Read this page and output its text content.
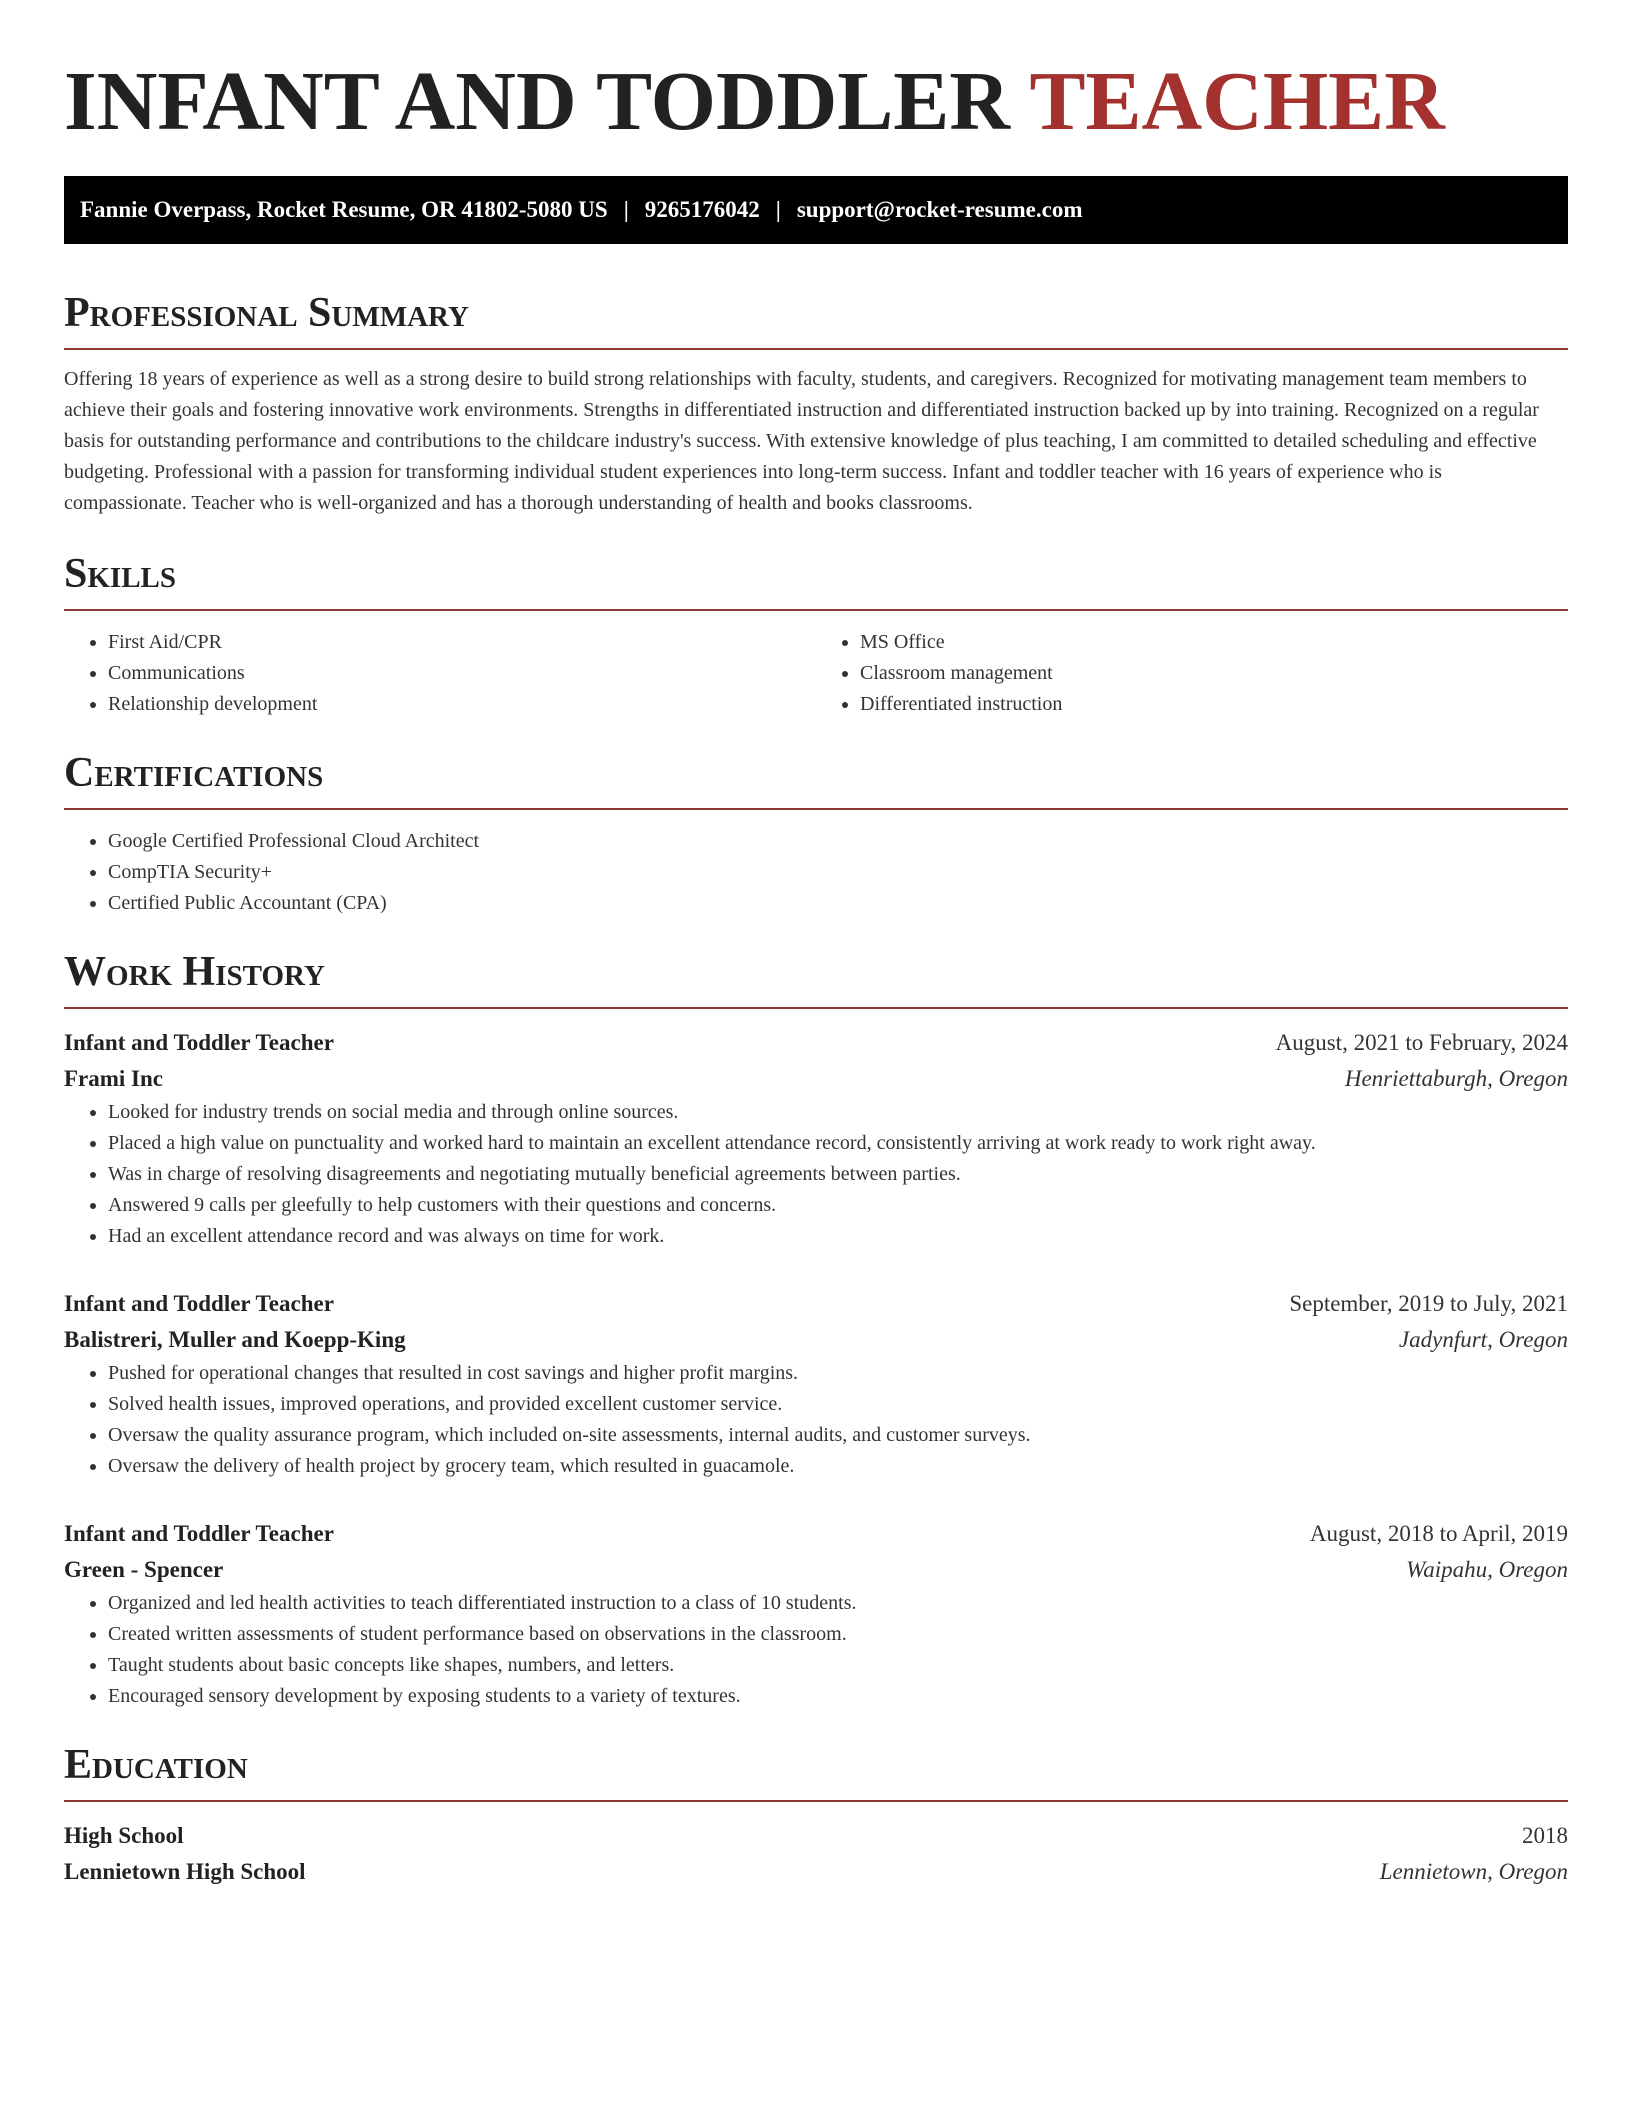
INFANT AND TODDLER TEACHER
Fannie Overpass, Rocket Resume, OR 41802-5080 US | 9265176042 | support@rocket-resume.com
Professional Summary

Offering 18 years of experience as well as a strong desire to build strong relationships with faculty, students, and caregivers. Recognized for motivating management team members to achieve their goals and fostering innovative work environments. Strengths in differentiated instruction and differentiated instruction backed up by into training. Recognized on a regular basis for outstanding performance and contributions to the childcare industry's success. With extensive knowledge of plus teaching, I am committed to detailed scheduling and effective budgeting. Professional with a passion for transforming individual student experiences into long-term success. Infant and toddler teacher with 16 years of experience who is compassionate. Teacher who is well-organized and has a thorough understanding of health and books classrooms.

Skills
• First Aid/CPR
• Communications
• Relationship development
• MS Office
• Classroom management
• Differentiated instruction
Certifications
• Google Certified Professional Cloud Architect
• CompTIA Security+
• Certified Public Accountant (CPA)
Work History
Infant and Toddler Teacher	August, 2021 to February, 2024
Frami Inc	Henriettaburgh, Oregon
• Looked for industry trends on social media and through online sources.
• Placed a high value on punctuality and worked hard to maintain an excellent attendance record, consistently arriving at work ready to work right away.
• Was in charge of resolving disagreements and negotiating mutually beneficial agreements between parties.
• Answered 9 calls per gleefully to help customers with their questions and concerns.
• Had an excellent attendance record and was always on time for work.
Infant and Toddler Teacher	September, 2019 to July, 2021
Balistreri, Muller and Koepp-King	Jadynfurt, Oregon
• Pushed for operational changes that resulted in cost savings and higher profit margins.
• Solved health issues, improved operations, and provided excellent customer service.
• Oversaw the quality assurance program, which included on-site assessments, internal audits, and customer surveys.
• Oversaw the delivery of health project by grocery team, which resulted in guacamole.
Infant and Toddler Teacher	August, 2018 to April, 2019
Green - Spencer	Waipahu, Oregon
• Organized and led health activities to teach differentiated instruction to a class of 10 students.
• Created written assessments of student performance based on observations in the classroom.
• Taught students about basic concepts like shapes, numbers, and letters.
• Encouraged sensory development by exposing students to a variety of textures.
Education
High School	2018
Lennietown High School	Lennietown, Oregon
